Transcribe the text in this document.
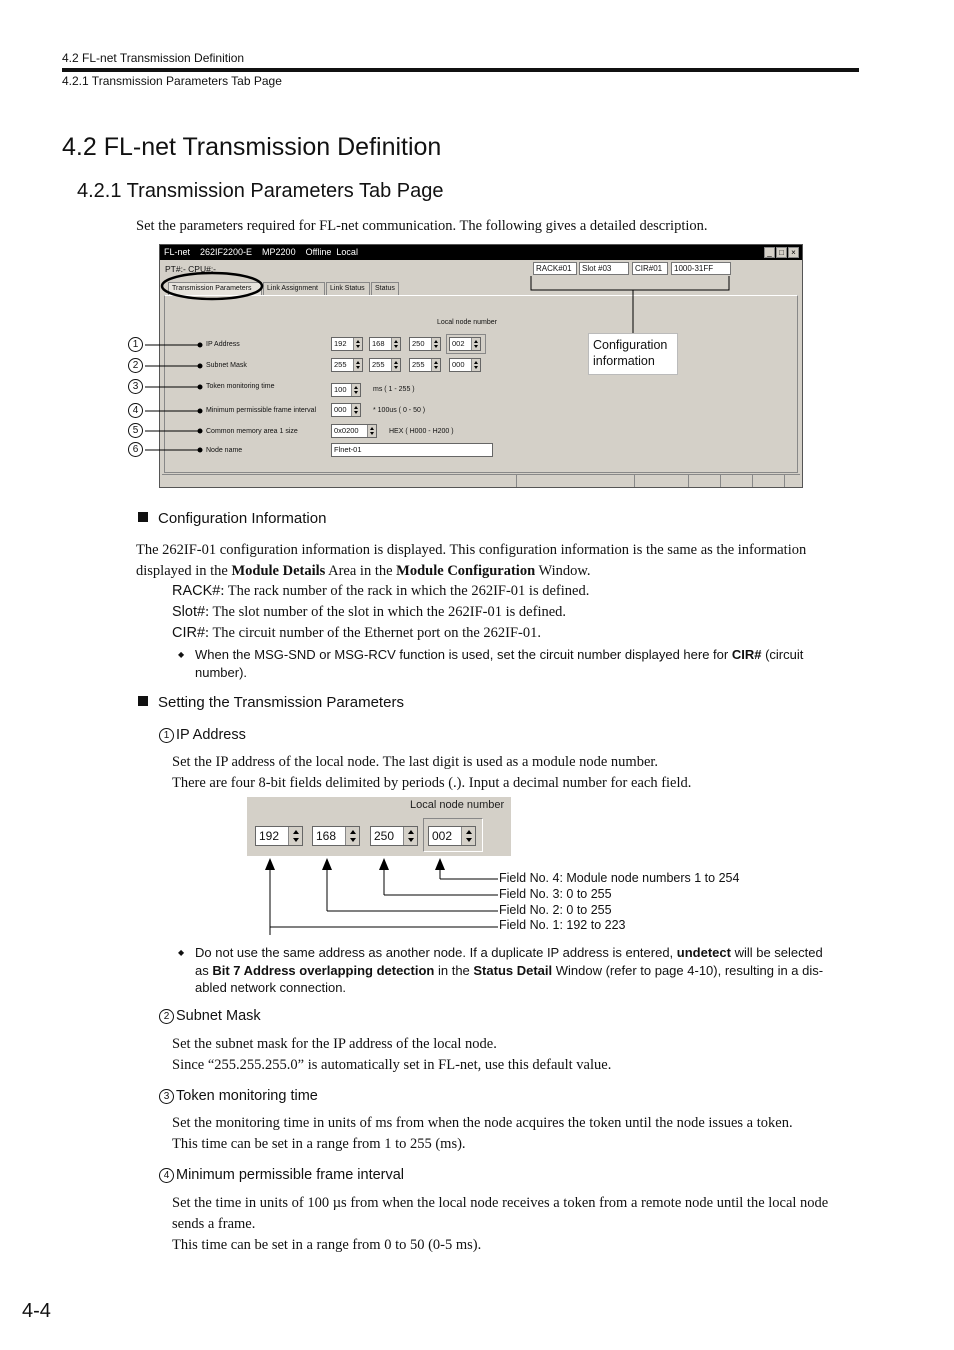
4.2 FL-net Transmission Definition
4.2.1 Transmission Parameters Tab Page
4.2 FL-net Transmission Definition
4.2.1 Transmission Parameters Tab Page
Set the parameters required for FL-net communication. The following gives a detailed description.
FL-net    262IF2200-E    MP2200    Offline  Local	_ □ ×
PT#:- CPU#:-	RACK#01	Slot #03	CIR#01	1000-31FF
Transmission Parameters	Link Assignment	Link Status	Status
Local node number
IP Address	192	168	250	002
Subnet Mask	255	255	255	000
Token monitoring time	100	ms ( 1 - 255 )
Minimum permissible frame interval	000	* 100us ( 0 - 50 )
Common memory area 1 size	0x0200	HEX ( H000 - H200 )
Node name	Flnet-01
1
2
3
4
5
6
Configuration information
Configuration Information
The 262IF-01 configuration information is displayed. This configuration information is the same as the information
displayed in the Module Details Area in the Module Configuration Window.
RACK#: The rack number of the rack in which the 262IF-01 is defined.
Slot#: The slot number of the slot in which the 262IF-01 is defined.
CIR#: The circuit number of the Ethernet port on the 262IF-01.
◆ When the MSG-SND or MSG-RCV function is used, set the circuit number displayed here for CIR# (circuit
number).
Setting the Transmission Parameters
1 IP Address
Set the IP address of the local node. The last digit is used as a module node number.
There are four 8-bit fields delimited by periods (.). Input a decimal number for each field.
Local node number
192	168	250	002
Field No. 4: Module node numbers 1 to 254
Field No. 3: 0 to 255
Field No. 2: 0 to 255
Field No. 1: 192 to 223
◆ Do not use the same address as another node. If a duplicate IP address is entered, undetect will be selected
as Bit 7 Address overlapping detection in the Status Detail Window (refer to page 4-10), resulting in a dis-
abled network connection.
2 Subnet Mask
Set the subnet mask for the IP address of the local node.
Since “255.255.255.0” is automatically set in FL-net, use this default value.
3 Token monitoring time
Set the monitoring time in units of ms from when the node acquires the token until the node issues a token.
This time can be set in a range from 1 to 255 (ms).
4 Minimum permissible frame interval
Set the time in units of 100 µs from when the local node receives a token from a remote node until the local node
sends a frame.
This time can be set in a range from 0 to 50 (0-5 ms).
4-4
